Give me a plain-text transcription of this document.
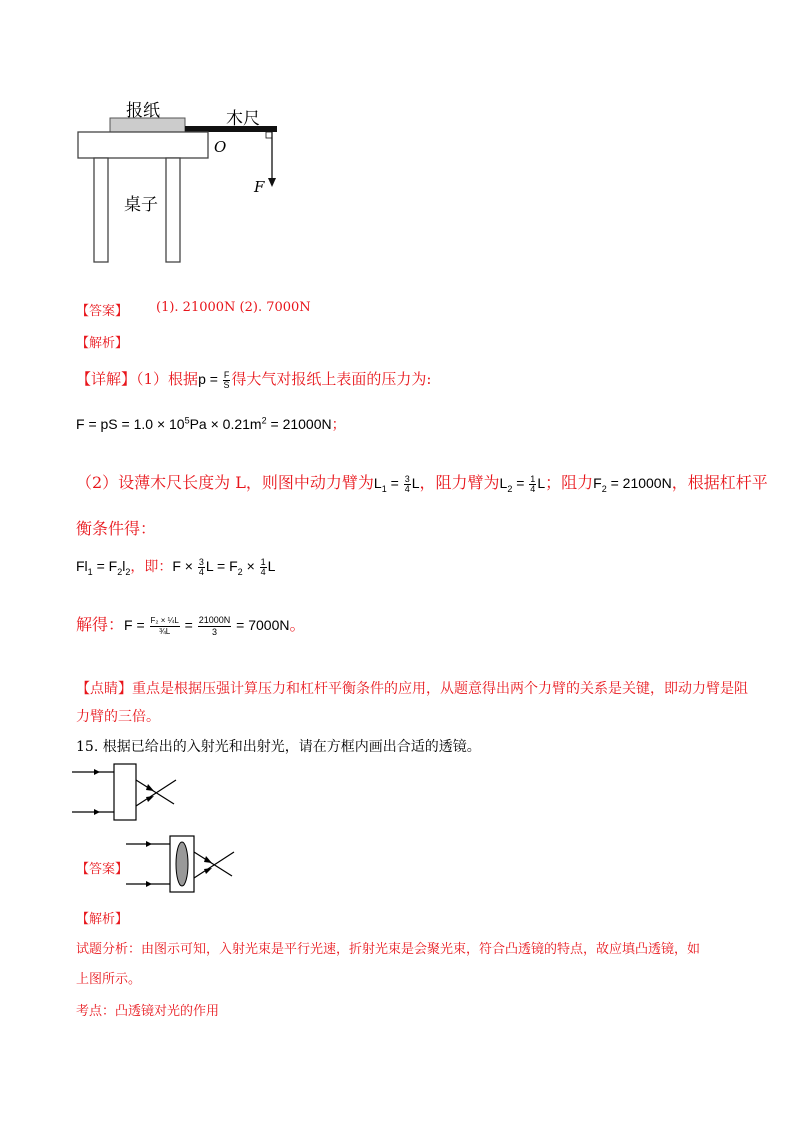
报纸	木尺
O
F
桌子
【答案】 (1). 21000N (2). 7000N
【解析】
【详解】（1）根据$p = \frac{F}{S}$ 得大气对报纸上表面的压力为:
F = pS = $1.0 \times 10^5Pa \times 0.21m^2 = 21000N$；
（2）设薄木尺长度为 L，则图中动力臂为$L_1 = \frac{3}{4}$ L，阻力臂为$L_2 = \frac{1}{4}$ L；阻力$F_2 = 21000N$，根据杠杆平
衡条件得：
$Fl_1 = F_2l_2$，即：$F \times \frac{3}{4}$ $L = F_2 \times \frac{1}{4}$ L
解得：$F = \frac{\text{F₂ × ¼L}}{\text{¾L}} = \frac{21000N}{3} = 7000N$。
【点睛】重点是根据压强计算压力和杠杆平衡条件的应用，从题意得出两个力臂的关系是关键，即动力臂是阻
力臂的三倍。
15. 根据已给出的入射光和出射光，请在方框内画出合适的透镜。
【答案】
【解析】
试题分析：由图示可知，入射光束是平行光速，折射光束是会聚光束，符合凸透镜的特点，故应填凸透镜，如
上图所示。
考点：凸透镜对光的作用
